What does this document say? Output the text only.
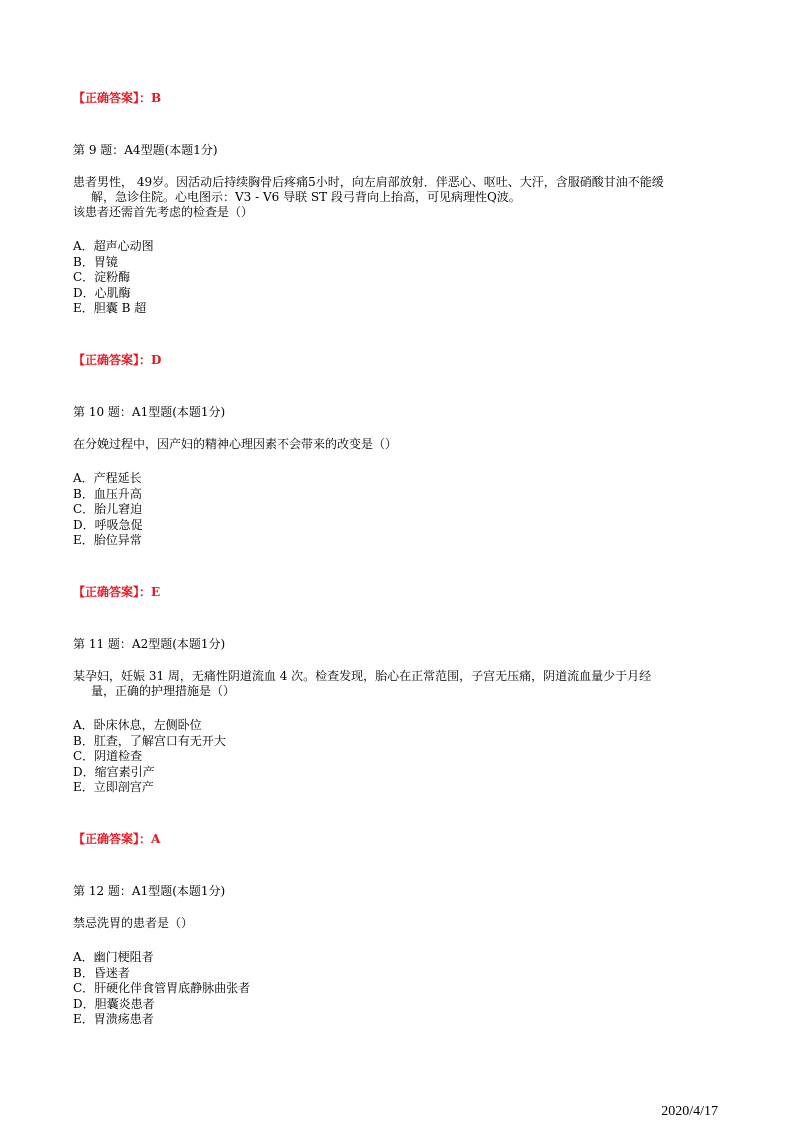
【正确答案】：B
第 9 题：A4型题(本题1分)
患者男性， 49岁。因活动后持续胸骨后疼痛5小时，向左肩部放射．伴恶心、呕吐、大汗，含服硝酸甘油不能缓
解，急诊住院。心电图示：V3 - V6 导联 ST 段弓背向上抬高，可见病理性Q波。
该患者还需首先考虑的检查是（）
A．超声心动图
B．胃镜
C．淀粉酶
D．心肌酶
E．胆囊 B 超
【正确答案】：D
第 10 题：A1型题(本题1分)
在分娩过程中，因产妇的精神心理因素不会带来的改变是（）
A．产程延长
B．血压升高
C．胎儿窘迫
D．呼吸急促
E．胎位异常
【正确答案】：E
第 11 题：A2型题(本题1分)
某孕妇，妊娠 31 周，无痛性阴道流血 4 次。检查发现，胎心在正常范围，子宫无压痛，阴道流血量少于月经
量，正确的护理措施是（）
A．卧床休息，左侧卧位
B．肛查，了解宫口有无开大
C．阴道检查
D．缩宫素引产
E．立即剖宫产
【正确答案】：A
第 12 题：A1型题(本题1分)
禁忌洗胃的患者是（）
A．幽门梗阻者
B．昏迷者
C．肝硬化伴食管胃底静脉曲张者
D．胆囊炎患者
E．胃溃疡患者
2020/4/17
